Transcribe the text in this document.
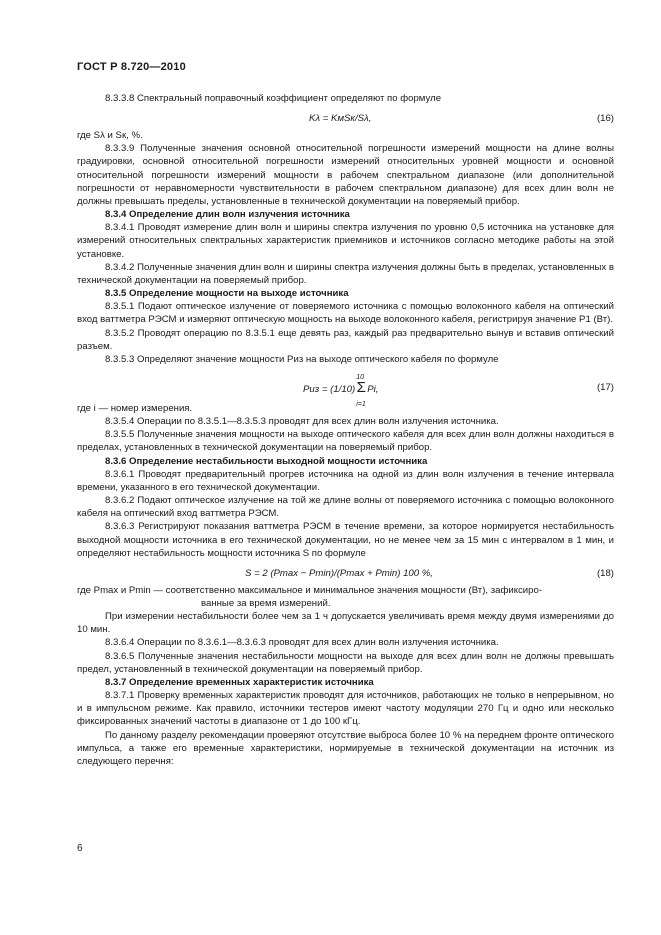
ГОСТ Р 8.720—2010

8.3.3.8 Спектральный поправочный коэффициент определяют по формуле

Kλ = KмSк/Sλ,	(16)

где Sλ и Sк, %.

8.3.3.9 Полученные значения основной относительной погрешности измерений мощности на длине волны градуировки, основной относительной погрешности измерений относительных уровней мощности и основной относительной погрешности измерений мощности в рабочем спектральном диапазоне (или дополнительной погрешности от неравномерности чувствительности в рабочем спектральном диапазоне) для всех длин волн не должны превышать пределы, установленные в технической документации на поверяемый прибор.

8.3.4 Определение длин волн излучения источника

8.3.4.1 Проводят измерение длин волн и ширины спектра излучения по уровню 0,5 источника на установке для измерений относительных спектральных характеристик приемников и источников согласно методике работы на этой установке.

8.3.4.2 Полученные значения длин волн и ширины спектра излучения должны быть в пределах, установленных в технической документации на поверяемый прибор.

8.3.5 Определение мощности на выходе источника

8.3.5.1 Подают оптическое излучение от поверяемого источника с помощью волоконного кабеля на оптический вход ваттметра РЭСМ и измеряют оптическую мощность на выходе волоконного кабеля, регистрируя значение P1 (Вт).

8.3.5.2 Проводят операцию по 8.3.5.1 еще девять раз, каждый раз предварительно вынув и вставив оптический разъем.

8.3.5.3 Определяют значение мощности Pиз на выходе оптического кабеля по формуле

Pиз = (1/10)Σ
10
i=1
Pi,	(17)

где i — номер измерения.

8.3.5.4 Операции по 8.3.5.1—8.3.5.3 проводят для всех длин волн излучения источника.

8.3.5.5 Полученные значения мощности на выходе оптического кабеля для всех длин волн должны находиться в пределах, установленных в технической документации на поверяемый прибор.

8.3.6 Определение нестабильности выходной мощности источника

8.3.6.1 Проводят предварительный прогрев источника на одной из длин волн излучения в течение интервала времени, указанного в его технической документации.

8.3.6.2 Подают оптическое излучение на той же длине волны от поверяемого источника с помощью волоконного кабеля на оптический вход ваттметра РЭСМ.

8.3.6.3 Регистрируют показания ваттметра РЭСМ в течение времени, за которое нормируется нестабильность выходной мощности источника в его технической документации, но не менее чем за 15 мин с интервалом в 1 мин, и определяют нестабильность мощности источника S по формуле

S = 2 (Pmax − Pmin)/(Pmax + Pmin) 100 %,	(18)

где Pmax и Pmin — соответственно максимальное и минимальное значения мощности (Вт), зафиксиро-

ванные за время измерений.

При измерении нестабильности более чем за 1 ч допускается увеличивать время между двумя измерениями до 10 мин.

8.3.6.4 Операции по 8.3.6.1—8.3.6.3 проводят для всех длин волн излучения источника.

8.3.6.5 Полученные значения нестабильности мощности на выходе для всех длин волн не должны превышать предел, установленный в технической документации на поверяемый прибор.

8.3.7 Определение временных характеристик источника

8.3.7.1 Проверку временных характеристик проводят для источников, работающих не только в непрерывном, но и в импульсном режиме. Как правило, источники тестеров имеют частоту модуляции 270 Гц и одно или несколько фиксированных значений частоты в диапазоне от 1 до 100 кГц.

По данному разделу рекомендации проверяют отсутствие выброса более 10 % на переднем фронте оптического импульса, а также его временные характеристики, нормируемые в технической документации на источник из следующего перечня:

6
